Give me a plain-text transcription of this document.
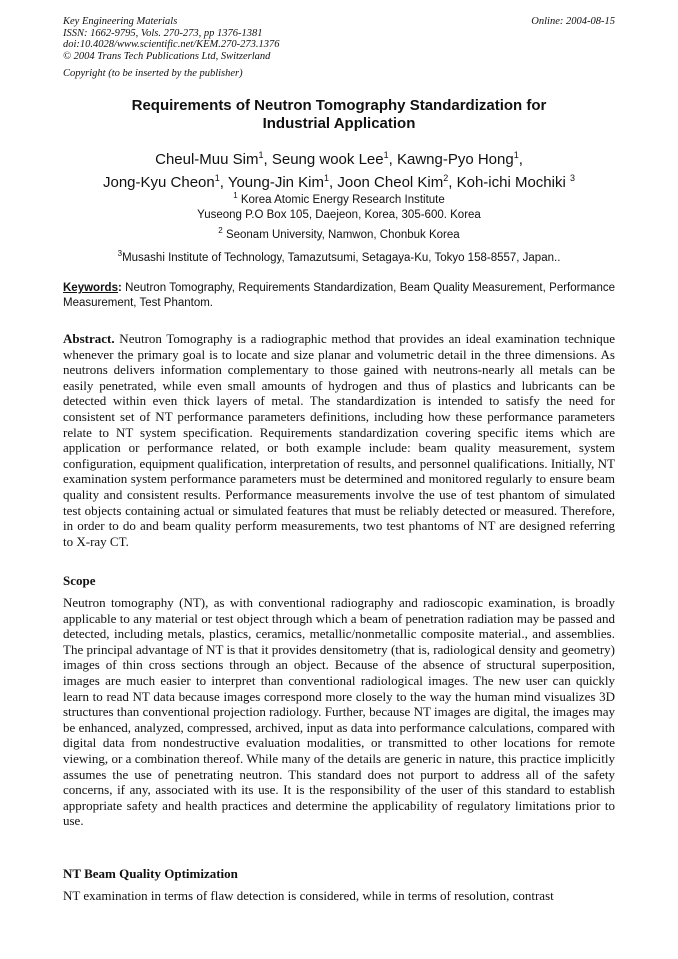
Key Engineering Materials	Online: 2004-08-15
ISSN: 1662-9795, Vols. 270-273, pp 1376-1381
doi:10.4028/www.scientific.net/KEM.270-273.1376
© 2004 Trans Tech Publications Ltd, Switzerland
Copyright (to be inserted by the publisher)
Requirements of Neutron Tomography Standardization for
Industrial Application
Cheul-Muu Sim$^1$, Seung wook Lee$^1$, Kawng-Pyo Hong$^1$,
Jong-Kyu Cheon$^1$, Young-Jin Kim$^1$, Joon Cheol Kim$^2$, Koh-ichi Mochiki $^3$
$^1$ Korea Atomic Energy Research Institute
Yuseong P.O Box 105, Daejeon, Korea, 305-600. Korea
$^2$ Seonam University, Namwon, Chonbuk Korea
$^3$Musashi Institute of Technology, Tamazutsumi, Setagaya-Ku, Tokyo 158-8557, Japan..
Keywords: Neutron Tomography, Requirements Standardization, Beam Quality Measurement, Performance Measurement, Test Phantom.
Abstract. Neutron Tomography is a radiographic method that provides an ideal examination technique whenever the primary goal is to locate and size planar and volumetric detail in the three dimensions. As neutrons delivers information complementary to those gained with neutrons-nearly all metals can be easily penetrated, while even small amounts of hydrogen and thus of plastics and lubricants can be detected within even thick layers of metal. The standardization is intended to satisfy the need for consistent set of NT performance parameters definitions, including how these performance parameters relate to NT system specification. Requirements standardization covering specific items which are application or performance related, or both example include: beam quality measurement, system configuration, equipment qualification, interpretation of results, and personnel qualifications. Initially, NT examination system performance parameters must be determined and monitored regularly to ensure beam quality and consistent results. Performance measurements involve the use of test phantom of simulated test objects containing actual or simulated features that must be reliably detected or measured. Therefore, in order to do and beam quality perform measurements, two test phantoms of NT are designed referring to X-ray CT.
Scope
Neutron tomography (NT), as with conventional radiography and radioscopic examination, is broadly applicable to any material or test object through which a beam of penetration radiation may be passed and detected, including metals, plastics, ceramics, metallic/nonmetallic composite material., and assemblies. The principal advantage of NT is that it provides densitometry (that is, radiological density and geometry) images of thin cross sections through an object. Because of the absence of structural superposition, images are much easier to interpret than conventional radiological images. The new user can quickly learn to read NT data because images correspond more closely to the way the human mind visualizes 3D structures than conventional projection radiology. Further, because NT images are digital, the images may be enhanced, analyzed, compressed, archived, input as data into performance calculations, compared with digital data from nondestructive evaluation modalities, or transmitted to other locations for remote viewing, or a combination thereof. While many of the details are generic in nature, this practice implicitly assumes the use of penetrating neutron. This standard does not purport to address all of the safety concerns, if any, associated with its use. It is the responsibility of the user of this standard to establish appropriate safety and health practices and determine the applicability of regulatory limitations prior to use.
NT Beam Quality Optimization
NT examination in terms of flaw detection is considered, while in terms of resolution, contrast
